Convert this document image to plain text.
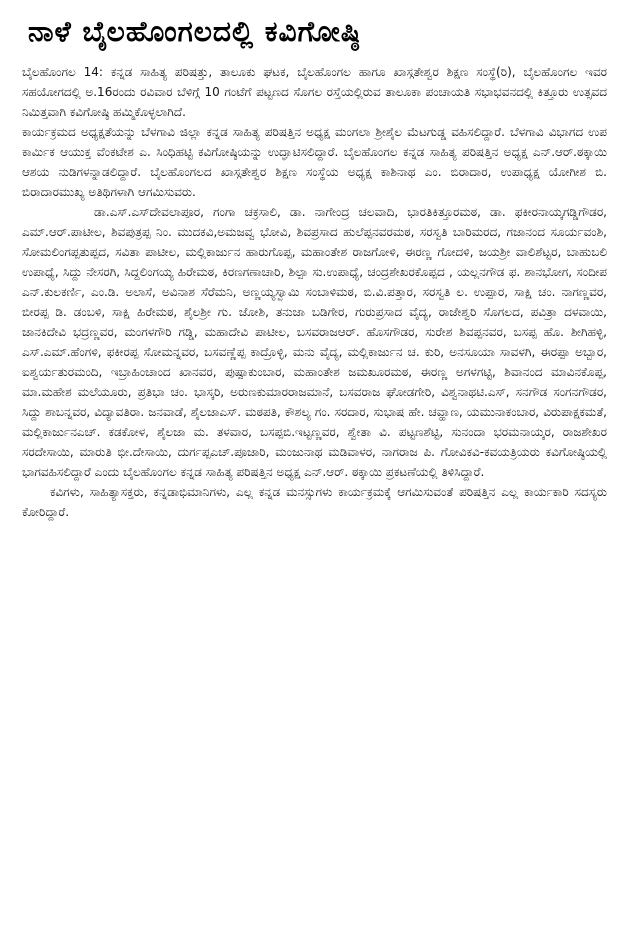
ನಾಳೆ ಬೈಲಹೊಂಗಲದಲ್ಲಿ ಕವಿಗೋಷ್ಠಿ

ಬೈಲಹೊಂಗಲ 14: ಕನ್ನಡ ಸಾಹಿತ್ಯ ಪರಿಷತ್ತು, ತಾಲೂಕು ಘಟಕ, ಬೈಲಹೊಂಗಲ ಹಾಗೂ ಖಾಸ್ಗತೇಶ್ವರ ಶಿಕ್ಷಣ ಸಂಸ್ಥೆ(ರಿ), ಬೈಲಹೊಂಗಲ ಇವರ ಸಹಯೋಗದಲ್ಲಿ ಅ.16ರಂದು ರವಿವಾರ ಬೆಳಿಗ್ಗೆ 10 ಗಂಟೆಗೆ ಪಟ್ಟಣದ ಸೊಗಲ ರಸ್ತೆಯಲ್ಲಿರುವ ತಾಲೂಕಾ ಪಂಚಾಯತಿ ಸಭಾಭವನದಲ್ಲಿ ಕಿತ್ತೂರು ಉತ್ಸವದ ನಿಮಿತ್ತವಾಗಿ ಕವಿಗೋಷ್ಠಿ ಹಮ್ಮಿಕೊಳ್ಳಲಾಗಿದೆ.

ಕಾರ್ಯಕ್ರಮದ ಅಧ್ಯಕ್ಷತೆಯನ್ನು ಬೆಳಗಾವಿ ಜಿಲ್ಲಾ ಕನ್ನಡ ಸಾಹಿತ್ಯ ಪರಿಷತ್ತಿನ ಅಧ್ಯಕ್ಷ ಮಂಗಲಾ ಶ್ರೀಶೈಲ ಮೆಟಗುಡ್ಡ ವಹಿಸಲಿದ್ದಾರೆ. ಬೆಳಗಾವಿ ವಿಭಾಗದ ಉಪ ಕಾರ್ಮಿಕ ಆಯುಕ್ತ ವೆಂಕಟೇಶ ಎ. ಸಿಂಧಿಹಟ್ಟಿ ಕವಿಗೋಷ್ಠಿಯನ್ನು ಉದ್ಘಾಟಿಸಲಿದ್ದಾರೆ. ಬೈಲಹೊಂಗಲ ಕನ್ನಡ ಸಾಹಿತ್ಯ ಪರಿಷತ್ತಿನ ಅಧ್ಯಕ್ಷ ಎನ್.ಆರ್.ಠಕ್ಕಾಯಿ ಆಶಯ ನುಡಿಗಳನ್ನಾಡಲಿದ್ದಾರೆ. ಬೈಲಹೊಂಗಲದ ಖಾಸ್ಗತೇಶ್ವರ ಶಿಕ್ಷಣ ಸಂಸ್ಥೆಯ ಅಧ್ಯಕ್ಷ ಕಾಶಿನಾಥ ಎಂ. ಬಿರಾದಾರ, ಉಪಾಧ್ಯಕ್ಷ ಯೋಗೀಶ ಬಿ. ಬಿರಾದಾರಮುಖ್ಯ ಅತಿಥಿಗಳಾಗಿ ಆಗಮಿಸುವರು.

ಡಾ.ಎಸ್.ಎಸ್‌ದೇವಲಾಪೂರ, ಗಂಗಾ ಚಕ್ರಸಾಲಿ, ಡಾ. ನಾಗೇಂದ್ರ ಚಲವಾದಿ, ಭಾರತಿಕಿತ್ತೂರಮಠ, ಡಾ. ಫಕೀರನಾಯ್ಕಗಡ್ಡಿಗೌಡರ, ಎಮ್.ಆರ್.ಪಾಟೀಲ, ಶಿವಪುತ್ರಪ್ಪ ನಿಂ. ಮುದಕವಿ,ಅಮಜವ್ವ ಭೋವಿ, ಶಿವಪ್ರಸಾದ ಹುಲೆಪ್ಪನವರಮಠ, ಸರಸ್ವತಿ ಬಾರಿಮರದ, ಗಜಾನಂದ ಸೂರ್ಯವಂಶಿ, ಸೋಮಲಿಂಗಪ್ಪತುಪ್ಪದ, ಸವಿತಾ ಪಾಟೀಲ, ಮಲ್ಲಿಕಾರ್ಜುನ ಹಾರುಗೊಪ್ಪ, ಮಹಾಂತೇಶ ರಾಜಗೋಳಿ, ಈರಣ್ಣ ಗೋದಳಿ, ಜಯಶ್ರೀ ವಾಲಿಶೆಟ್ಟರ, ಬಾಹುಬಲಿ ಉಪಾಧ್ಯೆ, ಸಿದ್ದು ನೇಸರಗಿ, ಸಿದ್ದಲಿಂಗಯ್ಯ ಹಿರೇಮಠ, ಕಿರಣಗಣಾಚಾರಿ, ಶಿಲ್ಪಾ ಸು.ಉಪಾಧ್ಯೆ, ಚಂದ್ರಶೇಖರಕೊಪ್ಪದ , ಯಲ್ಲನಗೌಡ ಫ. ಶಾನಭೋಗ, ಸಂದೀಪ ಎನ್.ಕುಲಕರ್ಣಿ, ಎಂ.ಡಿ. ಅಲಾಸೆ, ಅವಿನಾಶ ಸೆರೆಮನಿ, ಅಣ್ಣಯ್ಯಸ್ವಾಮಿ ಸಂಬಾಳಿಮಠ, ಬಿ.ವಿ.ಪತ್ತಾರ, ಸರಸ್ವತಿ ಲ. ಉಪ್ಪಾರ, ಸಾಕ್ಷಿ ಚಂ. ನಾಗಣ್ಣವರ, ಬೀರಪ್ಪ ಡಿ. ಡಂಬಳಿ, ಸಾಕ್ಷಿ ಹಿರೇಮಠ, ಶೈಲಶ್ರೀ ಗು. ಜೋಶಿ, ತನುಜಾ ಬಡಿಗೇರ, ಗುರುಪ್ರಸಾದ ವೈದ್ಯ, ರಾಜೇಶ್ವರಿ ಸೊಗಲದ, ಪವಿತ್ರಾ ದಳವಾಯಿ, ಜಾನಕಿದೇವಿ ಭದ್ರಣ್ಣವರ, ಮಂಗಳಗೌರಿ ಗಡ್ಡಿ, ಮಹಾದೇವಿ ಪಾಟೀಲ, ಬಸವರಾಜಆರ್. ಹೊಸಗೌಡರ, ಸುರೇಶ ಶಿವಪ್ಪನವರ, ಬಸಪ್ಪ ಹೊ. ಶೀಗಿಹಳ್ಳಿ, ಎಸ್.ಎಮ್.ಹೆಂಗಳಿ, ಫಕೀರಪ್ಪ ಸೋಮನ್ನವರ, ಬಸವಣ್ಣೆಪ್ಪ ಕಾದ್ರೊಳ್ಳಿ, ಮನು ವೈದ್ಯ, ಮಲ್ಲಿಕಾರ್ಜುನ ಚ. ಕುರಿ, ಅನಸೂಯಾ ಸಾವಳಗಿ, ಈರಪ್ಪಾ ಅಬ್ಬಾರ, ಐಶ್ವರ್ಯತುರಮಂದಿ, ಇಬ್ರಾಹಿಂಚಾಂದ ಖಾನವರ, ಪುಷ್ಪಾಕುಂಬಾರ, ಮಹಾಂತೇಶ ಜಮಖೂರಮಠ, ಈರಣ್ಣ ಅಗಳಗಟ್ಟಿ, ಶಿವಾನಂದ ಮಾವಿನಕೊಪ್ಪ, ಮಾ.ಮಹೇಶ ಮಲೆಯೂರು, ಪ್ರತಿಭಾ ಚಂ. ಭಾಸ್ಕರಿ, ಅರುಣಕುಮಾರರಾಜಮಾನೆ, ಬಸವರಾಜ ಘೋಡಗೇರಿ, ವಿಶ್ವನಾಥಟಿ.ಎಸ್, ಸನಗೌಡ ಸಂಗನಗೌಡರ, ಸಿದ್ದು ಶಾಬನ್ನವರ, ವಿದ್ಯಾವತಿರಾ. ಜನವಾಡೆ, ಶೈಲಜಾಎಸ್. ಮಠಪತಿ, ಕೌಶಲ್ಯ ಗಂ. ಸರದಾರ, ಸುಭಾಷ ಹೇ. ಚವ್ಹಾಣ, ಯಮುನಾಕಂಬಾರ, ವಿರುಪಾಕ್ಷಕಮತೆ, ಮಲ್ಲಿಕಾರ್ಜುನಎಚ್. ಕಡಕೋಳ, ಶೈಲಜಾ ಮ. ತಳವಾರ, ಬಸಪ್ಪಬಿ.ಇಟ್ಟಣ್ಣವರ, ಶ್ವೇತಾ ವಿ. ಪಟ್ಟಣಶೆಟ್ಟಿ, ಸುನಂದಾ ಭರಮನಾಯ್ಕರ, ರಾಜಶೇಖರ ಸರದೇಸಾಯಿ, ಮಾರುತಿ ಭೀ.ದೇಸಾಯಿ, ದುರ್ಗಪ್ಪಎಚ್.ಪೂಜಾರಿ, ಮಂಜುನಾಥ ಮಡಿವಾಳರ, ನಾಗರಾಜ ಪಿ. ಗೋವಿಕವಿ-ಕವಯತ್ರಿಯರು ಕವಿಗೋಷ್ಠಿಯಲ್ಲಿ ಭಾಗವಹಿಸಲಿದ್ದಾರೆ ಎಂದು ಬೈಲಹೊಂಗಲ ಕನ್ನಡ ಸಾಹಿತ್ಯ ಪರಿಷತ್ತಿನ ಅಧ್ಯಕ್ಷ ಎನ್.ಆರ್. ಠಕ್ಕಾಯಿ ಪ್ರಕಟಣೆಯಲ್ಲಿ ತಿಳಿಸಿದ್ದಾರೆ.

ಕವಿಗಳು, ಸಾಹಿತ್ಯಾಸಕ್ತರು, ಕನ್ನಡಾಭಿಮಾನಿಗಳು, ಎಲ್ಲ ಕನ್ನಡ ಮನಸ್ಸುಗಳು ಕಾರ್ಯಕ್ರಮಕ್ಕೆ ಆಗಮಿಸುವಂತೆ ಪರಿಷತ್ತಿನ ಎಲ್ಲ ಕಾರ್ಯಕಾರಿ ಸದಸ್ಯರು ಕೋರಿದ್ದಾರೆ.
